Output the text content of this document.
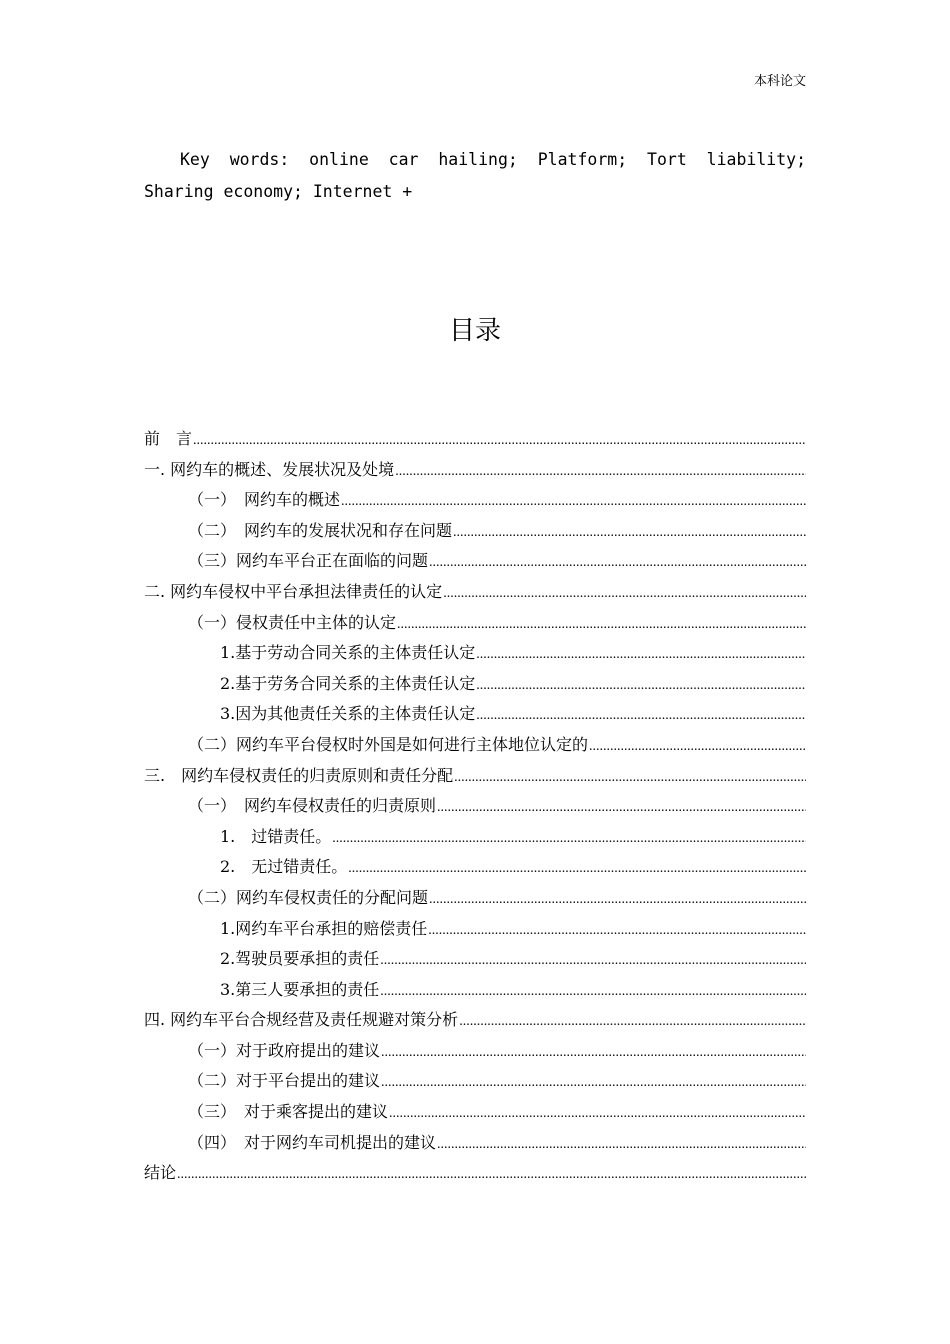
本科论文
Key words: online car hailing; Platform; Tort liability; Sharing economy; Internet +
目录
前　言
.....
一. 网约车的概述、发展状况及处境
.....
（一）　网约车的概述
.....
（二）　网约车的发展状况和存在问题
.....
（三）网约车平台正在面临的问题
.....
二. 网约车侵权中平台承担法律责任的认定
.....
（一）侵权责任中主体的认定
.....
1.基于劳动合同关系的主体责任认定
.....
2.基于劳务合同关系的主体责任认定
.....
3.因为其他责任关系的主体责任认定
.....
（二）网约车平台侵权时外国是如何进行主体地位认定的
.....
三.　网约车侵权责任的归责原则和责任分配
.....
（一）　网约车侵权责任的归责原则
.....
1.　过错责任。
.....
2.　无过错责任。
.....
（二）网约车侵权责任的分配问题
.....
1.网约车平台承担的赔偿责任
.....
2.驾驶员要承担的责任
.....
3.第三人要承担的责任
.....
四. 网约车平台合规经营及责任规避对策分析
.....
（一）对于政府提出的建议
.....
（二）对于平台提出的建议
.....
（三）　对于乘客提出的建议
.....
（四）　对于网约车司机提出的建议
.....
结论
.....
